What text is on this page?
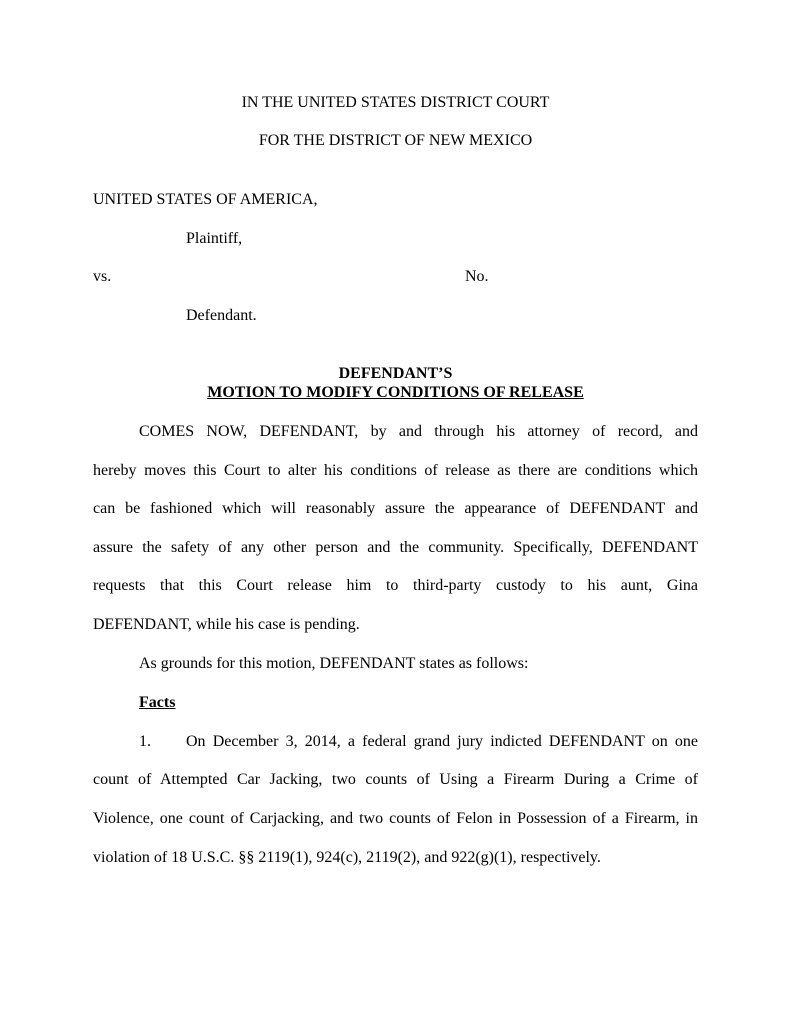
IN THE UNITED STATES DISTRICT COURT
FOR THE DISTRICT OF NEW MEXICO
UNITED STATES OF AMERICA,
Plaintiff,
vs.	No.
Defendant.
DEFENDANT’S
MOTION TO MODIFY CONDITIONS OF RELEASE
COMES NOW, DEFENDANT, by and through his attorney of record, and
hereby moves this Court to alter his conditions of release as there are conditions which
can be fashioned which will reasonably assure the appearance of DEFENDANT and
assure the safety of any other person and the community. Specifically, DEFENDANT
requests that this Court release him to third-party custody to his aunt, Gina
DEFENDANT, while his case is pending.
As grounds for this motion, DEFENDANT states as follows:
Facts
1. On December 3, 2014, a federal grand jury indicted DEFENDANT on one
count of Attempted Car Jacking, two counts of Using a Firearm During a Crime of
Violence, one count of Carjacking, and two counts of Felon in Possession of a Firearm, in
violation of 18 U.S.C. §§ 2119(1), 924(c), 2119(2), and 922(g)(1), respectively.
